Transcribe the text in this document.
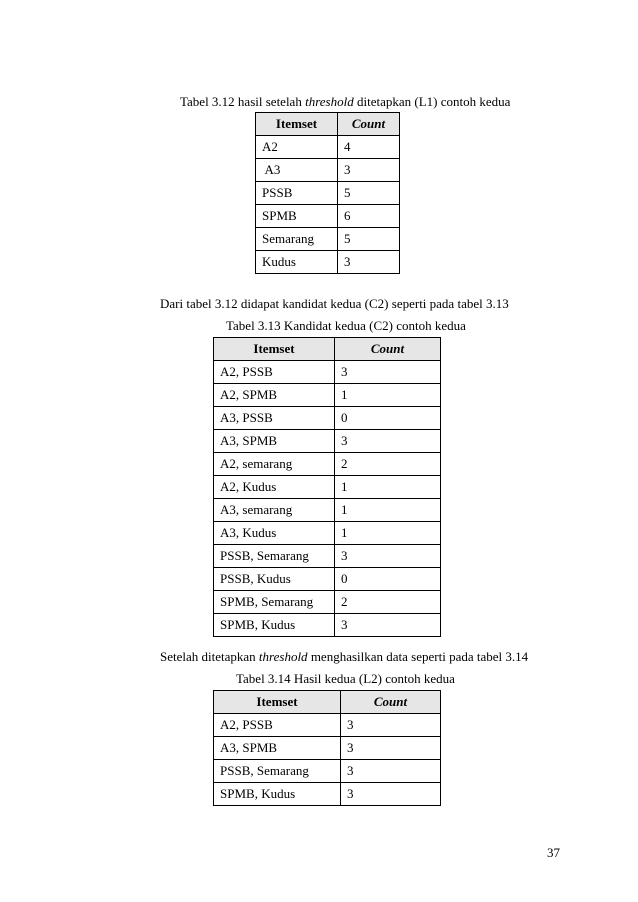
Tabel 3.12 hasil setelah threshold ditetapkan (L1) contoh kedua

Itemset	Count
A2	4
A3	3
PSSB	5
SPMB	6
Semarang	5
Kudus	3

Dari tabel 3.12 didapat kandidat kedua (C2) seperti pada tabel 3.13

Tabel 3.13 Kandidat kedua (C2) contoh kedua

Itemset	Count
A2, PSSB	3
A2, SPMB	1
A3, PSSB	0
A3, SPMB	3
A2, semarang	2
A2, Kudus	1
A3, semarang	1
A3, Kudus	1
PSSB, Semarang	3
PSSB, Kudus	0
SPMB, Semarang	2
SPMB, Kudus	3

Setelah ditetapkan threshold menghasilkan data seperti pada tabel 3.14

Tabel 3.14 Hasil kedua (L2) contoh kedua

Itemset	Count
A2, PSSB	3
A3, SPMB	3
PSSB, Semarang	3
SPMB, Kudus	3

37
